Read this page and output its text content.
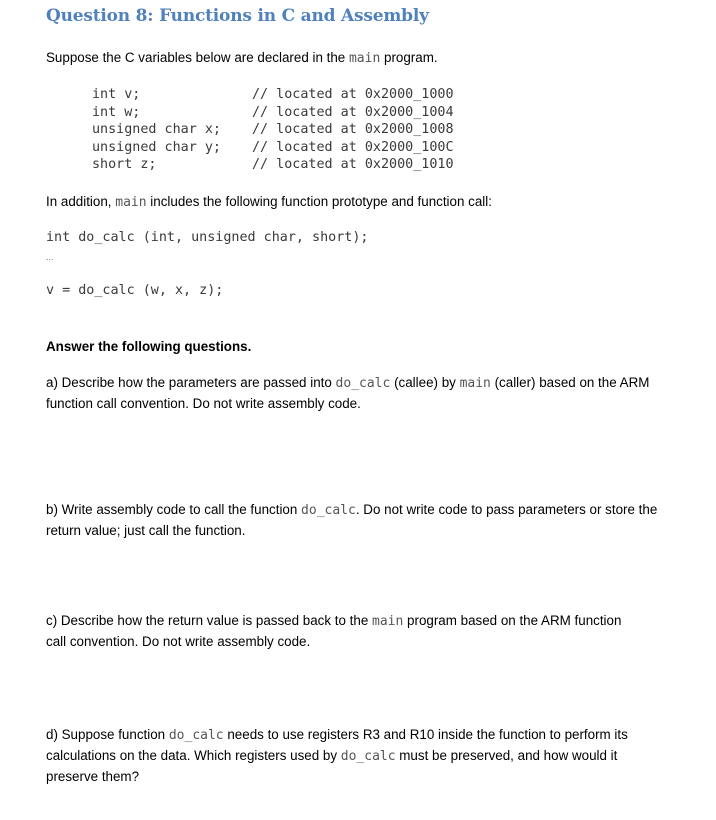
Question 8: Functions in C and Assembly
Suppose the C variables below are declared in the main program.
int v;	// located at 0x2000_1000
int w;	// located at 0x2000_1004
unsigned char x; // located at 0x2000_1008
unsigned char y; // located at 0x2000_100C
short z;	// located at 0x2000_1010
In addition, main includes the following function prototype and function call:
int do_calc (int, unsigned char, short);
...
v = do_calc (w, x, z);
Answer the following questions.
a) Describe how the parameters are passed into do_calc (callee) by main (caller) based on the ARM function call convention. Do not write assembly code.
b) Write assembly code to call the function do_calc. Do not write code to pass parameters or store the return value; just call the function.
c) Describe how the return value is passed back to the main program based on the ARM function call convention. Do not write assembly code.
d) Suppose function do_calc needs to use registers R3 and R10 inside the function to perform its calculations on the data. Which registers used by do_calc must be preserved, and how would it preserve them?
